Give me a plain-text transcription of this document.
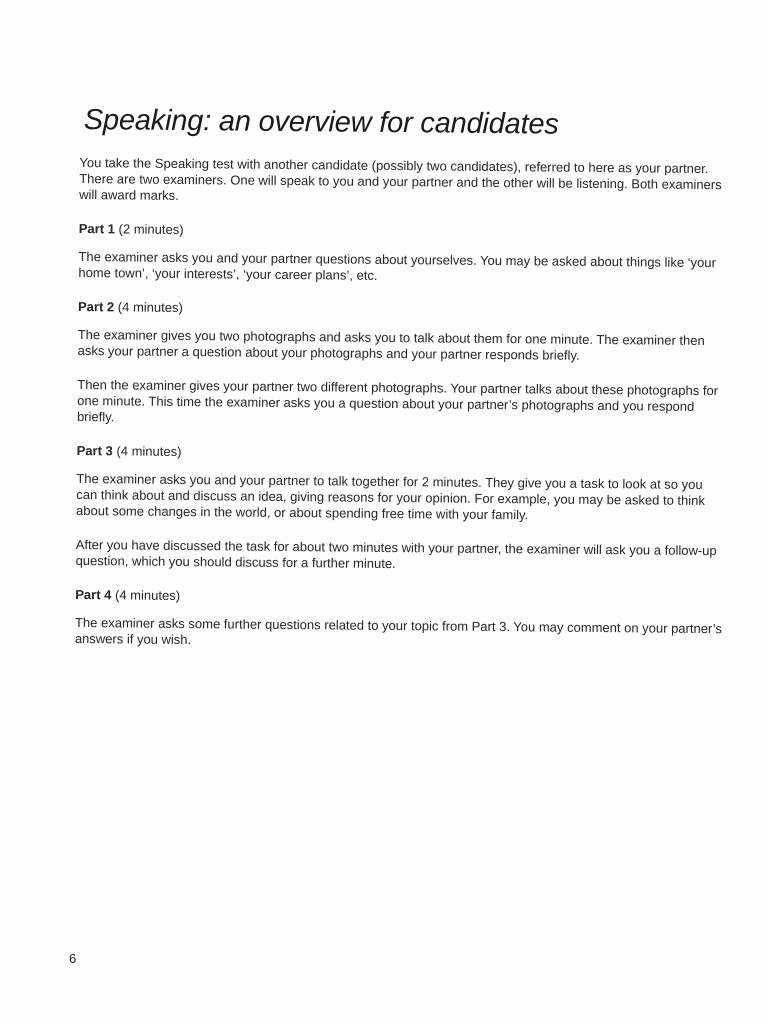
Speaking: an overview for candidates

You take the Speaking test with another candidate (possibly two candidates), referred to here as your partner. There are two examiners. One will speak to you and your partner and the other will be listening. Both examiners will award marks.

Part 1 (2 minutes)

The examiner asks you and your partner questions about yourselves. You may be asked about things like ‘your home town’, ‘your interests’, ‘your career plans’, etc.

Part 2 (4 minutes)

The examiner gives you two photographs and asks you to talk about them for one minute. The examiner then asks your partner a question about your photographs and your partner responds briefly.

Then the examiner gives your partner two different photographs. Your partner talks about these photographs for one minute. This time the examiner asks you a question about your partner’s photographs and you respond briefly.

Part 3 (4 minutes)

The examiner asks you and your partner to talk together for 2 minutes. They give you a task to look at so you can think about and discuss an idea, giving reasons for your opinion. For example, you may be asked to think about some changes in the world, or about spending free time with your family.

After you have discussed the task for about two minutes with your partner, the examiner will ask you a follow-up question, which you should discuss for a further minute.

Part 4 (4 minutes)

The examiner asks some further questions related to your topic from Part 3. You may comment on your partner’s answers if you wish.

6
